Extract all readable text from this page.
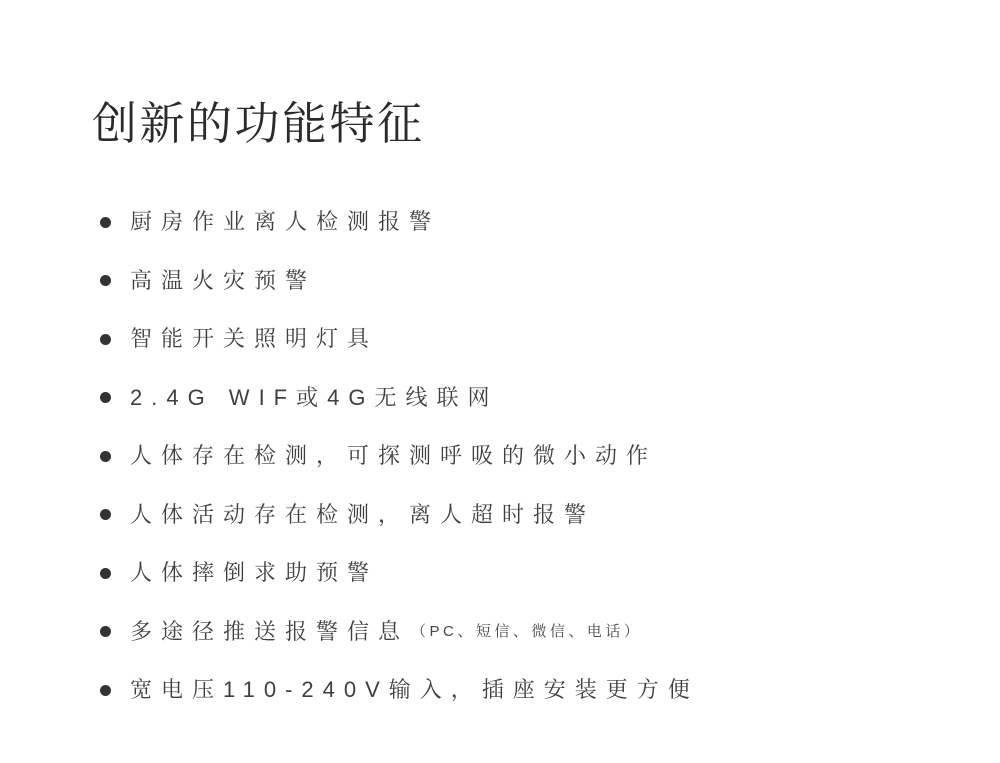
创新的功能特征
厨房作业离人检测报警
高温火灾预警
智能开关照明灯具
2.4G WIF或4G无线联网
人体存在检测，可探测呼吸的微小动作
人体活动存在检测，离人超时报警
人体摔倒求助预警
多途径推送报警信息 （PC、短信、微信、电话）
宽电压110-240V输入，插座安装更方便
